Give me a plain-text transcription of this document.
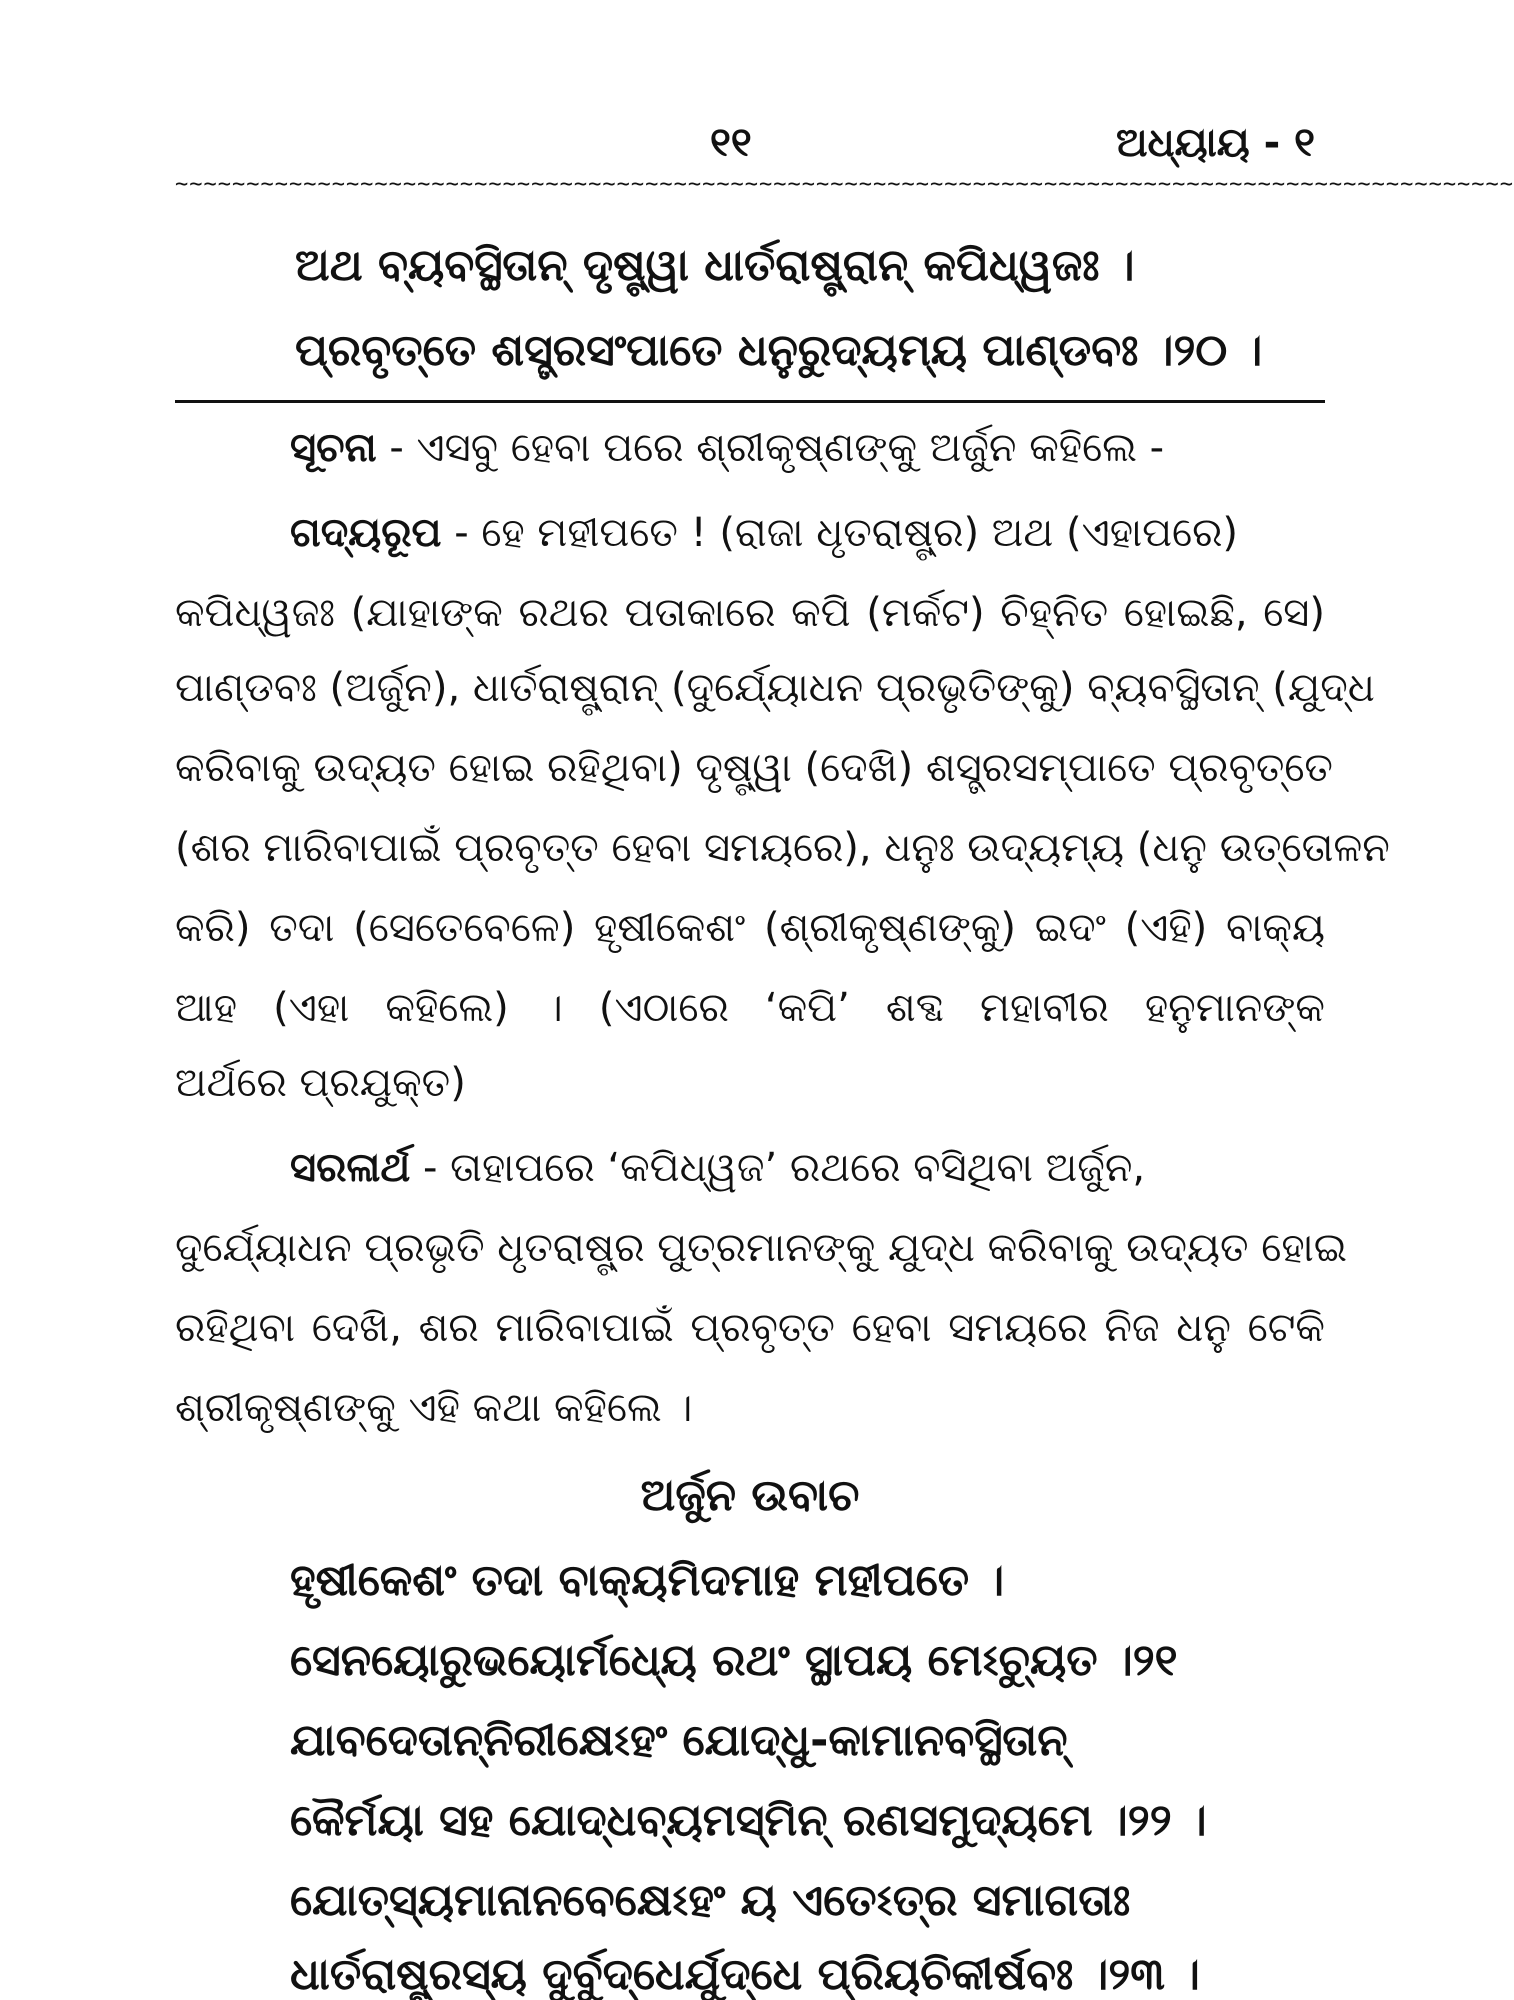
୧୧	ଅଧ୍ୟାୟ - ୧
~~~~~~~~~~~~~~~~~~~~~~~~~~~~~~~~~~~~~~~~~~~~~~~~~~~~~~~~~~~~~~~~~~~~~~~~~~~~~~~~~~~~~~~~~~~~~~
ଅଥ ବ୍ୟବସ୍ଥିତାନ୍ ଦୃଷ୍ଟ୍ୱା ଧାର୍ତରାଷ୍ଟ୍ରାନ୍ କପିଧ୍ୱଜଃ ।
ପ୍ରବୃତ୍ତେ ଶସ୍ତ୍ରସଂପାତେ ଧନୁରୁଦ୍ୟମ୍ୟ ପାଣ୍ଡବଃ ।୨୦ ।
ସୂଚନା - ଏସବୁ ହେବା ପରେ ଶ୍ରୀକୃଷ୍ଣଙ୍କୁ ଅର୍ଜୁନ କହିଲେ -
ଗଦ୍ୟରୂପ - ହେ ମହୀପତେ ! (ରାଜା ଧୃତରାଷ୍ଟ୍ର) ଅଥ (ଏହାପରେ)
କପିଧ୍ୱଜଃ (ଯାହାଙ୍କ ରଥର ପତାକାରେ କପି (ମର୍କଟ) ଚିହ୍ନିତ ହୋଇଛି, ସେ)
ପାଣ୍ଡବଃ (ଅର୍ଜୁନ), ଧାର୍ତରାଷ୍ଟ୍ରାନ୍ (ଦୁର୍ଯ୍ୟୋଧନ ପ୍ରଭୃତିଙ୍କୁ) ବ୍ୟବସ୍ଥିତାନ୍ (ଯୁଦ୍ଧ
କରିବାକୁ ଉଦ୍ୟତ ହୋଇ ରହିଥିବା) ଦୃଷ୍ଟ୍ୱା (ଦେଖି) ଶସ୍ତ୍ରସମ୍ପାତେ ପ୍ରବୃତ୍ତେ
(ଶର ମାରିବାପାଇଁ ପ୍ରବୃତ୍ତ ହେବା ସମୟରେ), ଧନୁଃ ଉଦ୍ୟମ୍ୟ (ଧନୁ ଉତ୍ତୋଳନ
କରି) ତଦା (ସେତେବେଳେ) ହୃଷୀକେଶଂ (ଶ୍ରୀକୃଷ୍ଣଙ୍କୁ) ଇଦଂ (ଏହି) ବାକ୍ୟ
ଆହ (ଏହା କହିଲେ) । (ଏଠାରେ ‘କପି’ ଶବ୍ଦ ମହାବୀର ହନୁମାନଙ୍କ
ଅର୍ଥରେ ପ୍ରଯୁକ୍ତ)
ସରଳାର୍ଥ - ତାହାପରେ ‘କପିଧ୍ୱଜ’ ରଥରେ ବସିଥିବା ଅର୍ଜୁନ,
ଦୁର୍ଯ୍ୟୋଧନ ପ୍ରଭୃତି ଧୃତରାଷ୍ଟ୍ର ପୁତ୍ରମାନଙ୍କୁ ଯୁଦ୍ଧ କରିବାକୁ ଉଦ୍ୟତ ହୋଇ
ରହିଥିବା ଦେଖି, ଶର ମାରିବାପାଇଁ ପ୍ରବୃତ୍ତ ହେବା ସମୟରେ ନିଜ ଧନୁ ଟେକି
ଶ୍ରୀକୃଷ୍ଣଙ୍କୁ ଏହି କଥା କହିଲେ ।
ଅର୍ଜୁନ ଉବାଚ
ହୃଷୀକେଶଂ ତଦା ବାକ୍ୟମିଦମାହ ମହୀପତେ ।
ସେନୟୋରୁଭୟୋର୍ମଧ୍ୟେ ରଥଂ ସ୍ଥାପୟ ମେଽଚ୍ୟୁତ ।୨୧
ଯାବଦେତାନ୍ନିରୀକ୍ଷେଽହଂ ଯୋଦ୍ଧୁ-କାମାନବସ୍ଥିତାନ୍
କୈର୍ମୟା ସହ ଯୋଦ୍ଧବ୍ୟମସ୍ମିନ୍ ରଣସମୁଦ୍ୟମେ ।୨୨ ।
ଯୋତ୍ସ୍ୟମାନାନବେକ୍ଷେଽହଂ ୟ ଏତେଽତ୍ର ସମାଗତାଃ
ଧାର୍ତରାଷ୍ଟ୍ରସ୍ୟ ଦୁର୍ବୁଦ୍ଧେର୍ଯୁଦ୍ଧେ ପ୍ରିୟଚିକୀର୍ଷବଃ ।୨୩ ।
